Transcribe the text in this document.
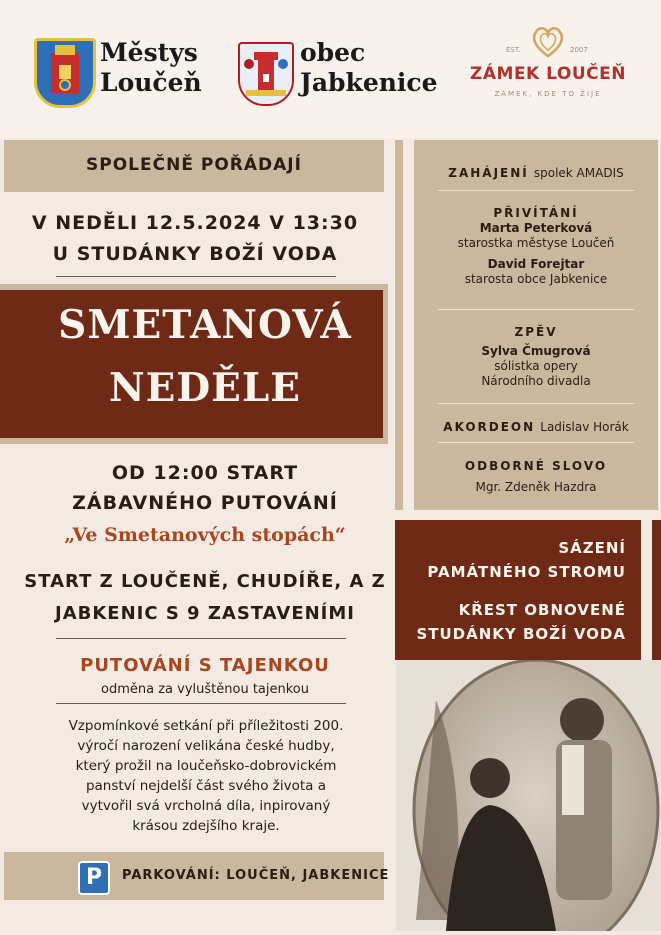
Městys
Loučeň
obec
Jabkenice
EST.	2007
ZÁMEK LOUČEŇ
ZÁMEK, KDE TO ŽIJE
SPOLEČNĚ POŘÁDAJÍ
V NEDĚLI 12.5.2024 V 13:30
U STUDÁNKY BOŽÍ VODA
SMETANOVÁ
NEDĚLE
OD 12:00 START
ZÁBAVNÉHO PUTOVÁNÍ
„Ve Smetanových stopách“
START Z LOUČENĚ, CHUDÍŘE, A Z
JABKENIC S 9 ZASTAVENÍMI
PUTOVÁNÍ S TAJENKOU
odměna za vyluštěnou tajenkou
Vzpomínkové setkání při příležitosti 200.
výročí narození velikána české hudby,
který prožil na loučeňsko-dobrovickém
panství nejdelší část svého života a
vytvořil svá vrcholná díla, inpirovaný
krásou zdejšího kraje.
P	PARKOVÁNÍ: LOUČEŇ, JABKENICE
ZAHÁJENÍ spolek AMADIS
PŘIVÍTÁNÍ
Marta Peterková
starostka městyse Loučeň
David Forejtar
starosta obce Jabkenice
ZPĚV
Sylva Čmugrová
sólistka opery
Národního divadla
AKORDEON Ladislav Horák
ODBORNÉ SLOVO
Mgr. Zdeněk Hazdra
SÁZENÍ
PAMÁTNÉHO STROMU
KŘEST OBNOVENÉ
STUDÁNKY BOŽÍ VODA
